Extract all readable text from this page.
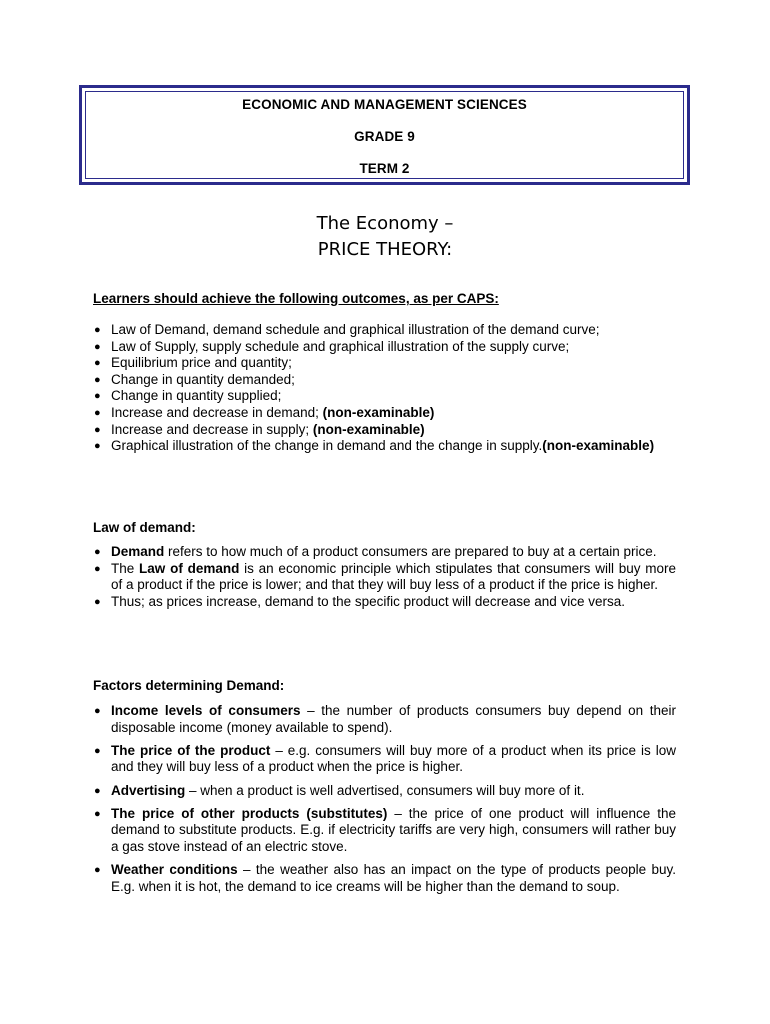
ECONOMIC AND MANAGEMENT SCIENCES
GRADE 9
TERM 2
The Economy –
PRICE THEORY:
Learners should achieve the following outcomes, as per CAPS:
● Law of Demand, demand schedule and graphical illustration of the demand curve;
● Law of Supply, supply schedule and graphical illustration of the supply curve;
● Equilibrium price and quantity;
● Change in quantity demanded;
● Change in quantity supplied;
● Increase and decrease in demand; (non-examinable)
● Increase and decrease in supply; (non-examinable)
● Graphical illustration of the change in demand and the change in supply.(non-examinable)
Law of demand:
● Demand refers to how much of a product consumers are prepared to buy at a certain price.
● The Law of demand is an economic principle which stipulates that consumers will buy more of a product if the price is lower; and that they will buy less of a product if the price is higher.
● Thus; as prices increase, demand to the specific product will decrease and vice versa.
Factors determining Demand:
● Income levels of consumers – the number of products consumers buy depend on their disposable income (money available to spend).
● The price of the product – e.g. consumers will buy more of a product when its price is low and they will buy less of a product when the price is higher.
● Advertising – when a product is well advertised, consumers will buy more of it.
● The price of other products (substitutes) – the price of one product will influence the demand to substitute products. E.g. if electricity tariffs are very high, consumers will rather buy a gas stove instead of an electric stove.
● Weather conditions – the weather also has an impact on the type of products people buy. E.g. when it is hot, the demand to ice creams will be higher than the demand to soup.
